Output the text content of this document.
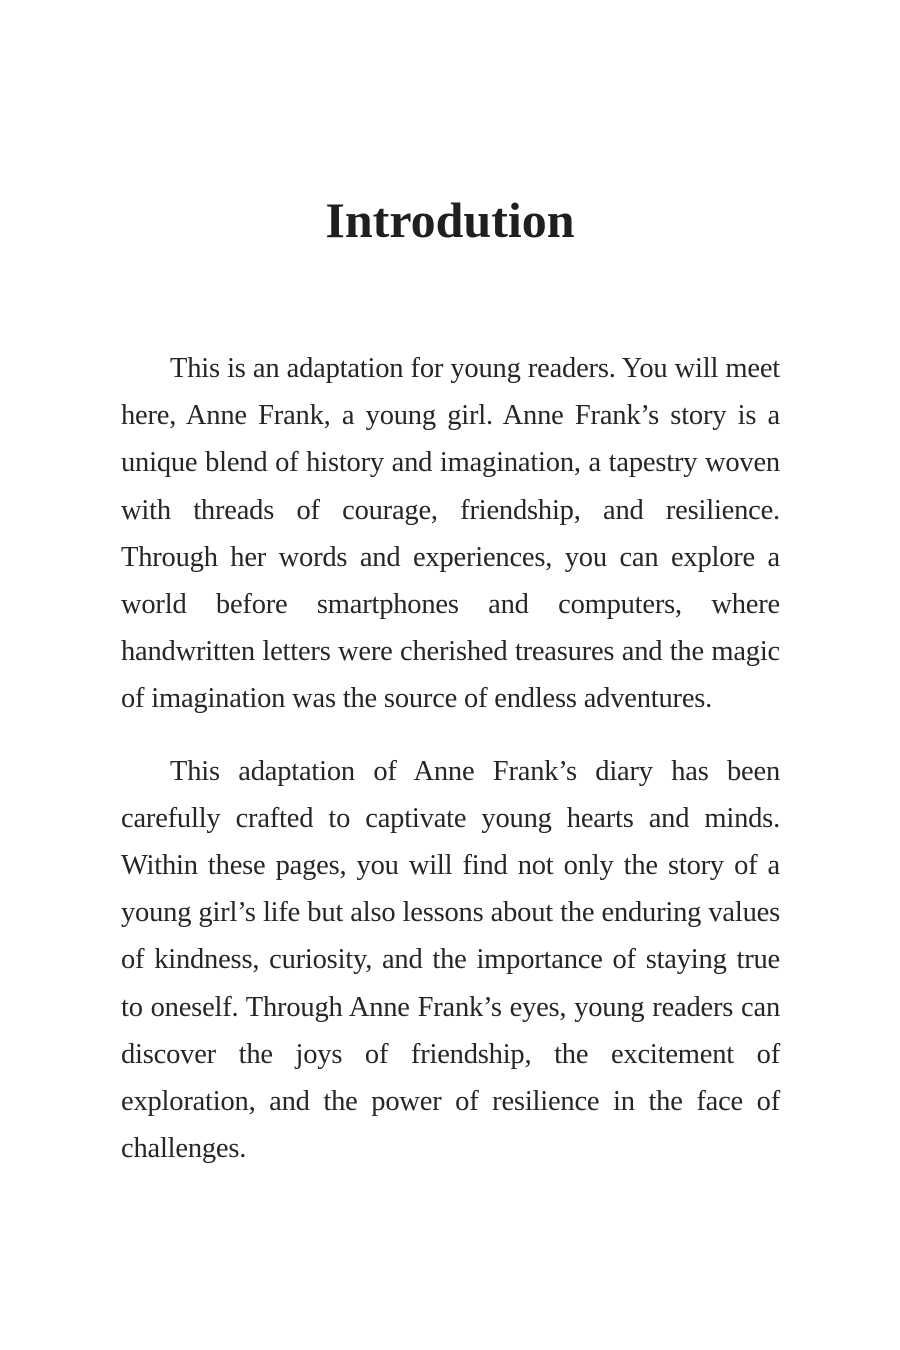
Introdution

This is an adaptation for young readers. You will meet here, Anne Frank, a young girl. Anne Frank’s story is a unique blend of history and imagination, a tapestry woven with threads of courage, friendship, and resilience. Through her words and experiences, you can explore a world before smartphones and computers, where handwritten letters were cherished treasures and the magic of imagination was the source of endless adventures.

This adaptation of Anne Frank’s diary has been carefully crafted to captivate young hearts and minds. Within these pages, you will find not only the story of a young girl’s life but also lessons about the enduring values of kindness, curiosity, and the importance of staying true to oneself. Through Anne Frank’s eyes, young readers can discover the joys of friendship, the excitement of exploration, and the power of resilience in the face of challenges.
